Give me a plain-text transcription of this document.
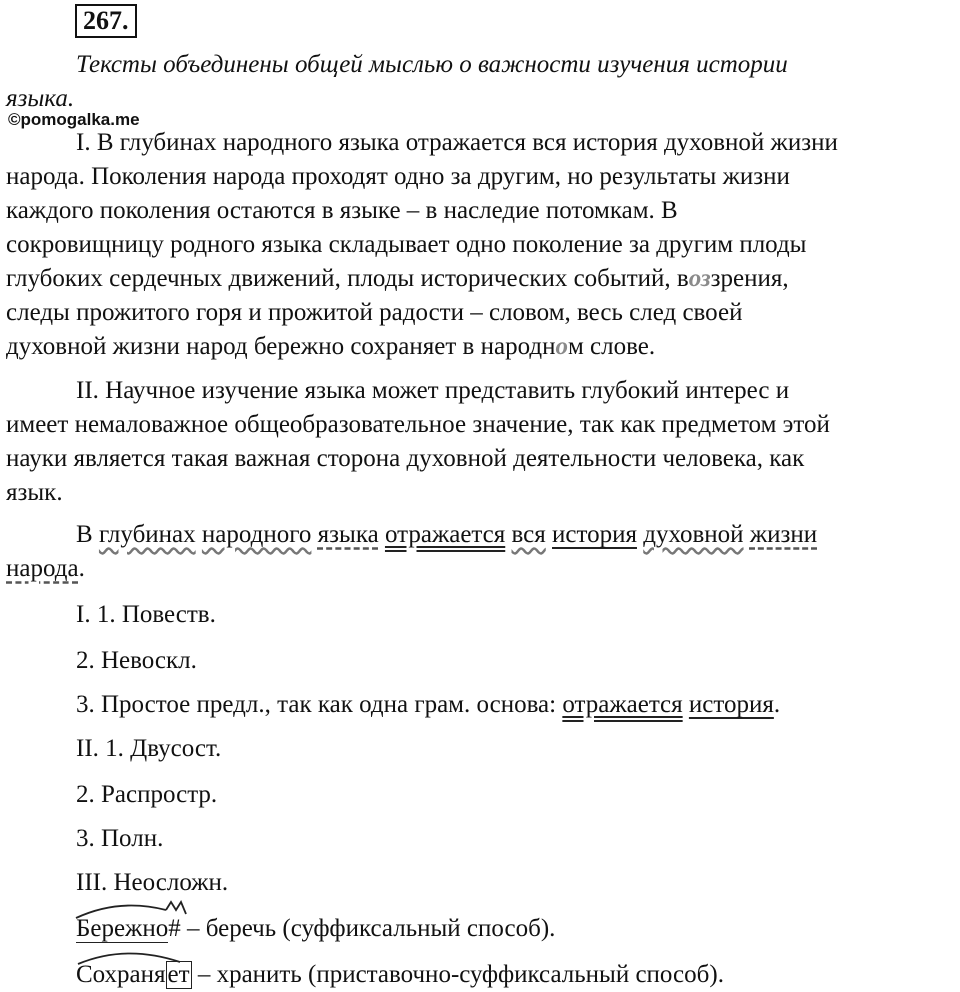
267.
Тексты объединены общей мыслью о важности изучения истории
языка.
©pomogalka.me
I. В глубинах народного языка отражается вся история духовной жизни
народа. Поколения народа проходят одно за другим, но результаты жизни
каждого поколения остаются в языке – в наследие потомкам. В
сокровищницу родного языка складывает одно поколение за другим плоды
глубоких сердечных движений, плоды исторических событий, воззрения,
следы прожитого горя и прожитой радости – словом, весь след своей
духовной жизни народ бережно сохраняет в народном слове.
II. Научное изучение языка может представить глубокий интерес и
имеет немаловажное общеобразовательное значение, так как предметом этой
науки является такая важная сторона духовной деятельности человека, как
язык.
В глубинах народного языка отражается вся история духовной жизни
народа.
I. 1. Повеств.
2. Невоскл.
3. Простое предл., так как одна грам. основа: отражается история.
II. 1. Двусост.
2. Распростр.
3. Полн.
III. Неосложн.
Бережно# – беречь (суффиксальный способ).
Сохраняет – хранить (приставочно-суффиксальный способ).
